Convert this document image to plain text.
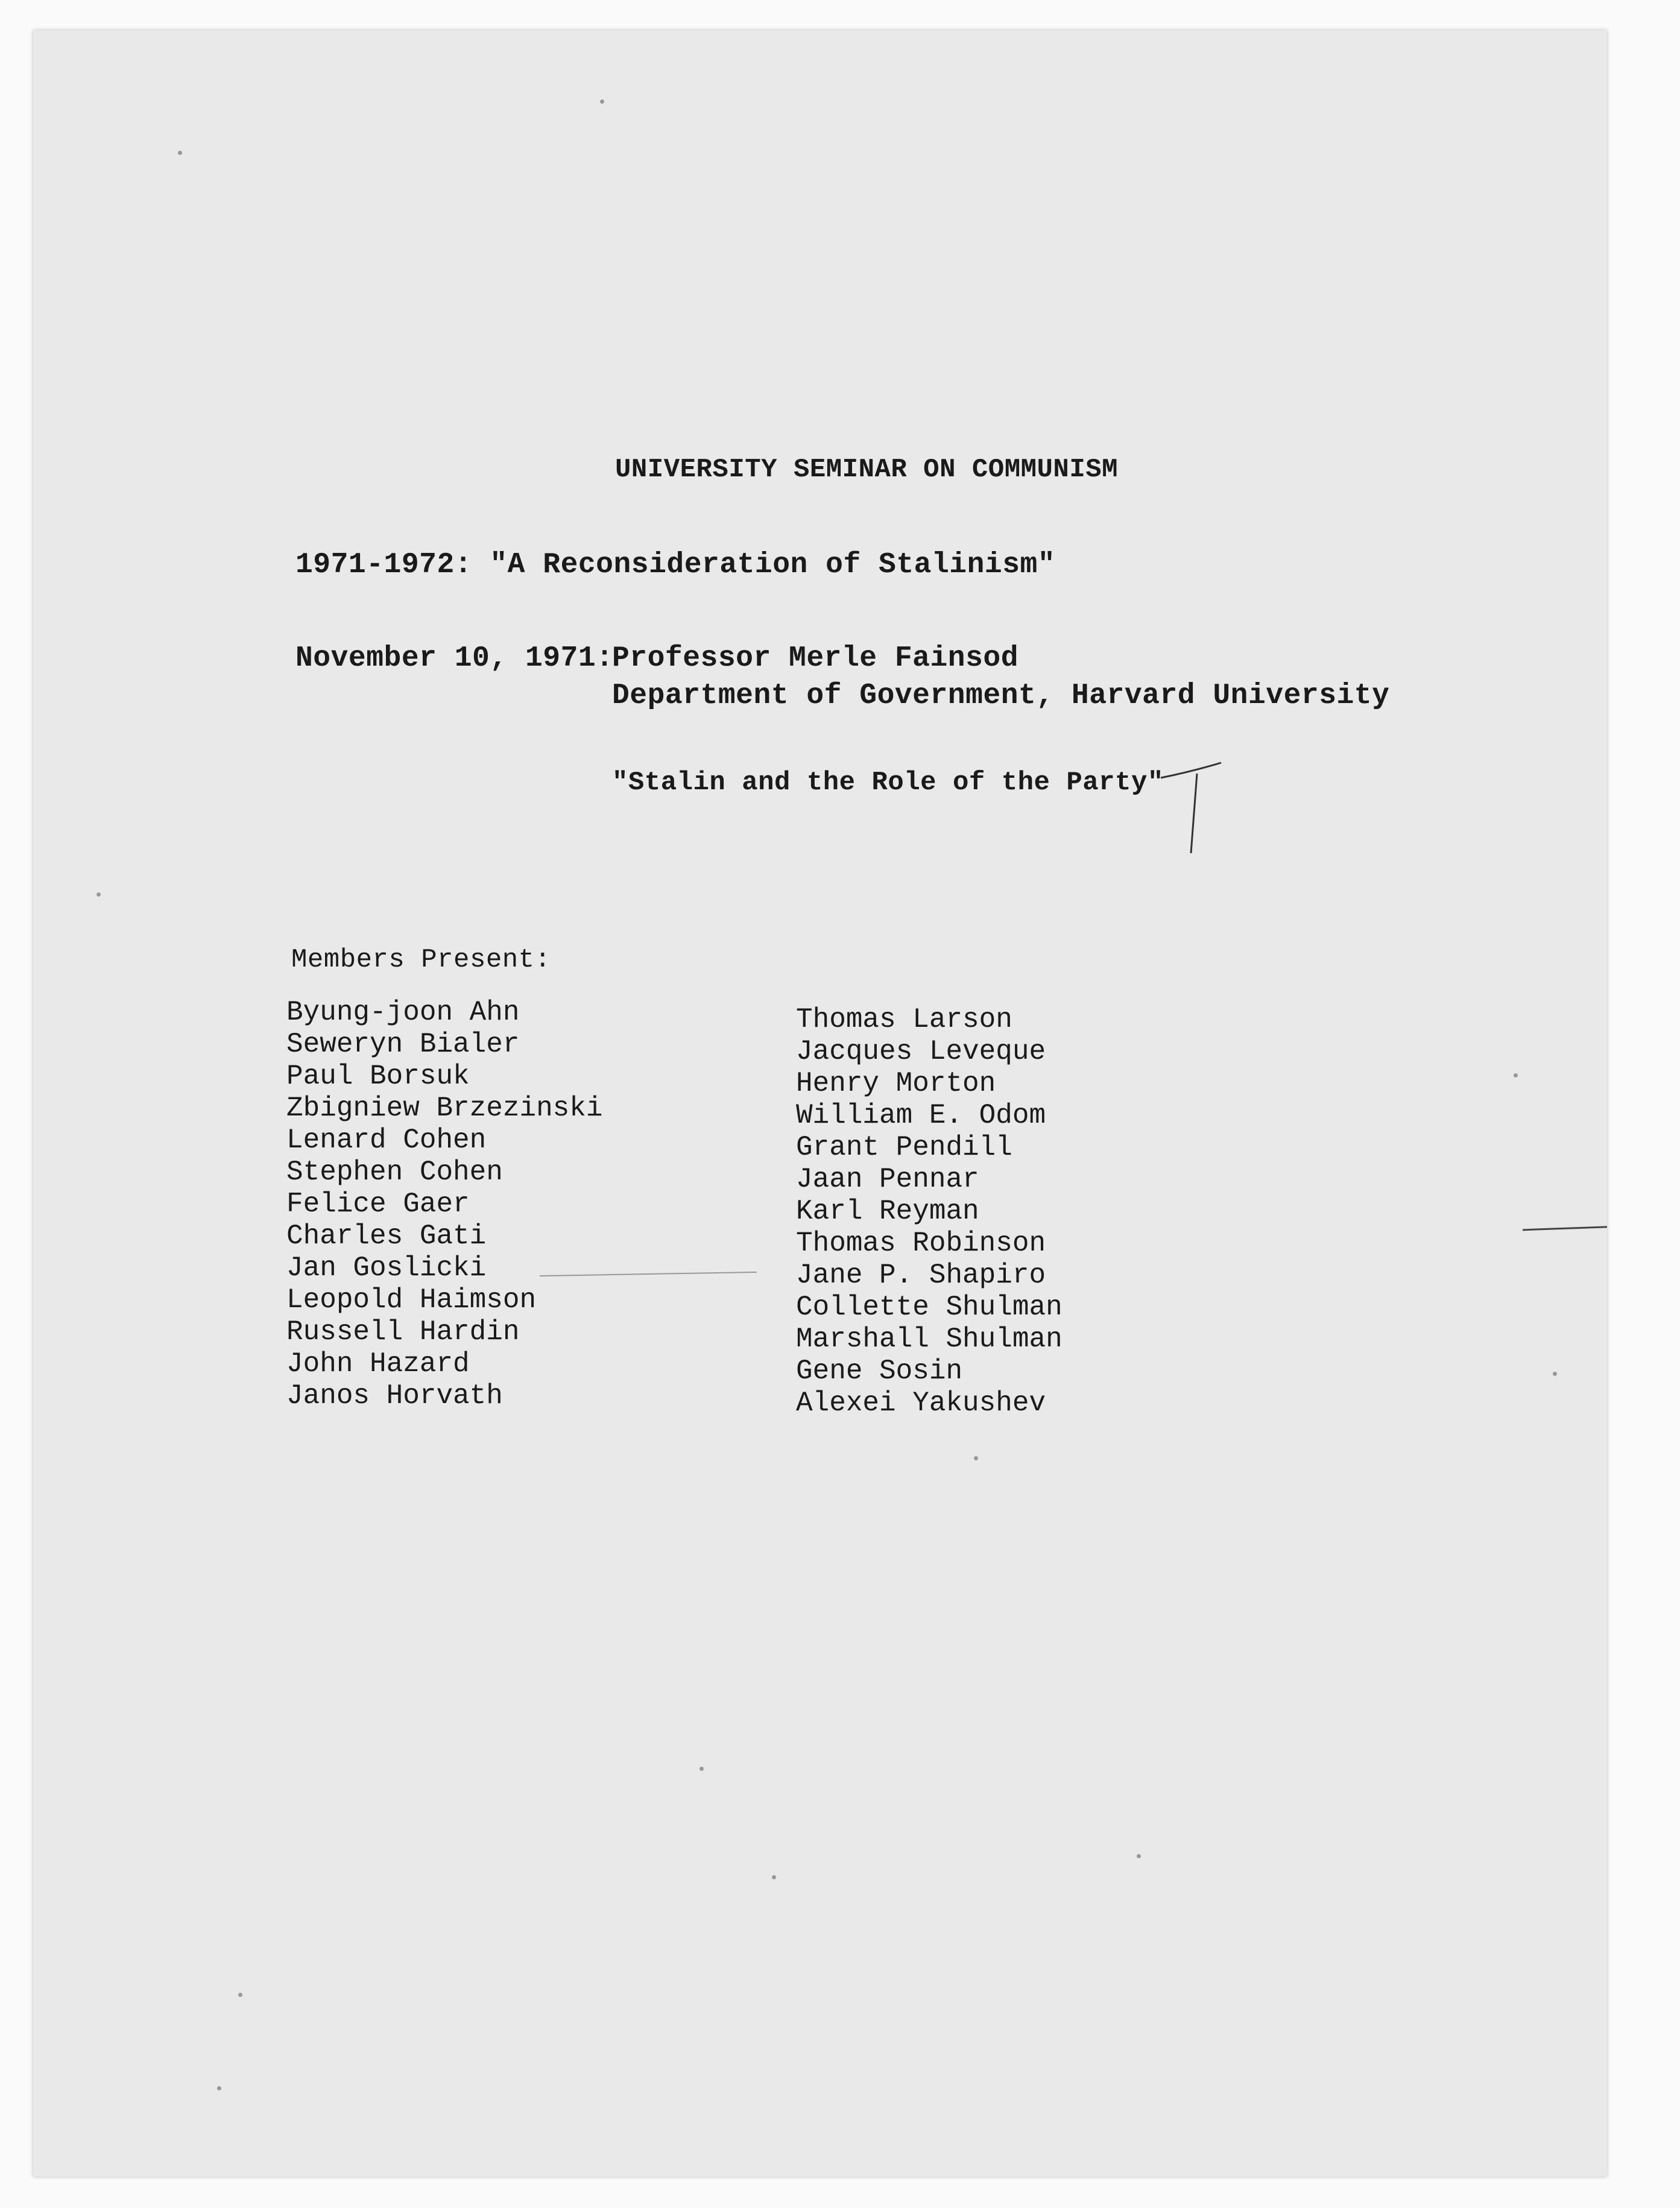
UNIVERSITY SEMINAR ON COMMUNISM
1971-1972: "A Reconsideration of Stalinism"
November 10, 1971:
Professor Merle Fainsod
Department of Government, Harvard University
"Stalin and the Role of the Party"
Members Present:
Byung-joon Ahn
Seweryn Bialer
Paul Borsuk
Zbigniew Brzezinski
Lenard Cohen
Stephen Cohen
Felice Gaer
Charles Gati
Jan Goslicki
Leopold Haimson
Russell Hardin
John Hazard
Janos Horvath
Thomas Larson
Jacques Leveque
Henry Morton
William E. Odom
Grant Pendill
Jaan Pennar
Karl Reyman
Thomas Robinson
Jane P. Shapiro
Collette Shulman
Marshall Shulman
Gene Sosin
Alexei Yakushev
